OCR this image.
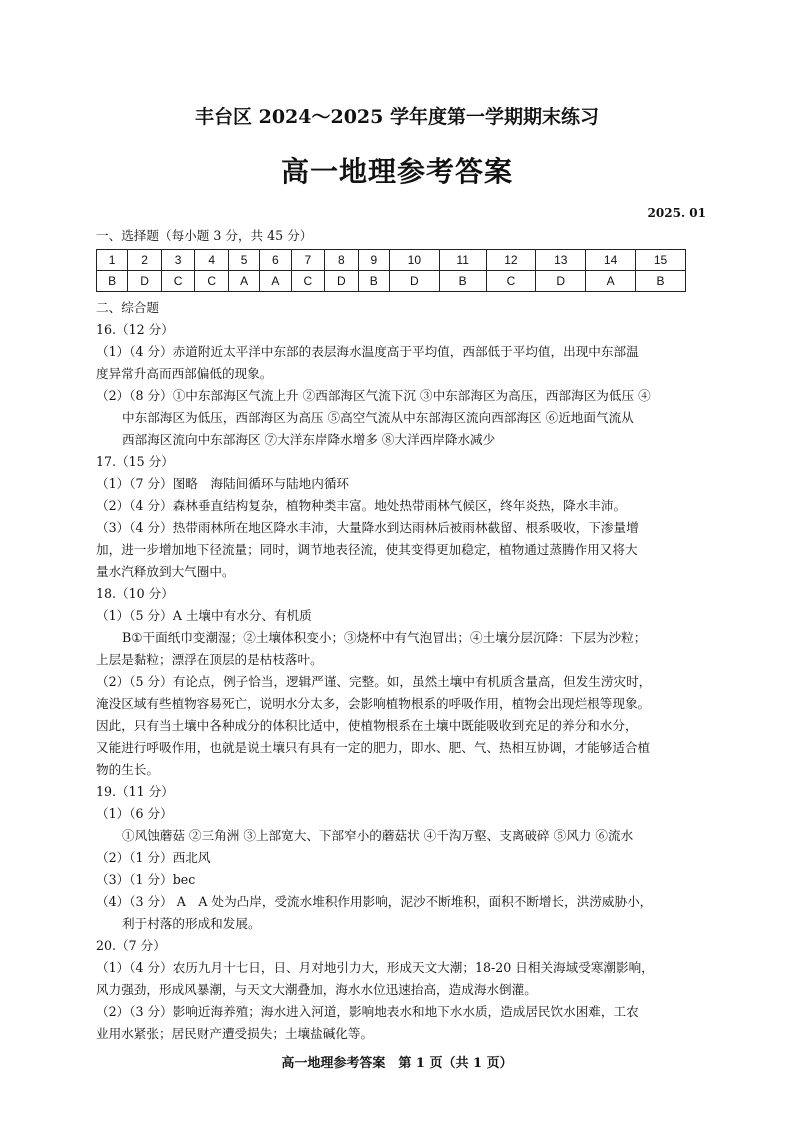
丰台区 2024～2025 学年度第一学期期末练习
高一地理参考答案
2025. 01
一、选择题（每小题 3 分，共 45 分）
1	2	3	4	5	6	7	8	9	10	11	12	13	14	15
B	D	C	C	A	A	C	D	B	D	B	C	D	A	B
二、综合题
16.（12 分）
（1）（4 分）赤道附近太平洋中东部的表层海水温度高于平均值，西部低于平均值，出现中东部温
度异常升高而西部偏低的现象。
（2）（8 分）①中东部海区气流上升 ②西部海区气流下沉 ③中东部海区为高压，西部海区为低压 ④
中东部海区为低压，西部海区为高压 ⑤高空气流从中东部海区流向西部海区 ⑥近地面气流从
西部海区流向中东部海区 ⑦大洋东岸降水增多 ⑧大洋西岸降水减少
17.（15 分）
（1）（7 分）图略　海陆间循环与陆地内循环
（2）（4 分）森林垂直结构复杂，植物种类丰富。地处热带雨林气候区，终年炎热，降水丰沛。
（3）（4 分）热带雨林所在地区降水丰沛，大量降水到达雨林后被雨林截留、根系吸收，下渗量增
加，进一步增加地下径流量；同时，调节地表径流，使其变得更加稳定，植物通过蒸腾作用又将大
量水汽释放到大气圈中。
18.（10 分）
（1）（5 分）A 土壤中有水分、有机质
B①干面纸巾变潮湿；②土壤体积变小；③烧杯中有气泡冒出；④土壤分层沉降：下层为沙粒；
上层是黏粒；漂浮在顶层的是枯枝落叶。
（2）（5 分）有论点，例子恰当，逻辑严谨、完整。如，虽然土壤中有机质含量高，但发生涝灾时，
淹没区域有些植物容易死亡，说明水分太多，会影响植物根系的呼吸作用，植物会出现烂根等现象。
因此，只有当土壤中各种成分的体积比适中，使植物根系在土壤中既能吸收到充足的养分和水分，
又能进行呼吸作用，也就是说土壤只有具有一定的肥力，即水、肥、气、热相互协调，才能够适合植
物的生长。
19.（11 分）
（1）（6 分）
①风蚀蘑菇 ②三角洲 ③上部宽大、下部窄小的蘑菇状 ④千沟万壑、支离破碎 ⑤风力 ⑥流水
（2）（1 分）西北风
（3）（1 分）bec
（4）（3 分） A　A 处为凸岸，受流水堆积作用影响，泥沙不断堆积，面积不断增长，洪涝威胁小，
利于村落的形成和发展。
20.（7 分）
（1）（4 分）农历九月十七日，日、月对地引力大，形成天文大潮；18-20 日相关海域受寒潮影响，
风力强劲，形成风暴潮，与天文大潮叠加，海水水位迅速抬高，造成海水倒灌。
（2）（3 分）影响近海养殖；海水进入河道，影响地表水和地下水水质，造成居民饮水困难，工农
业用水紧张；居民财产遭受损失；土壤盐碱化等。
高一地理参考答案　第 1 页（共 1 页）
